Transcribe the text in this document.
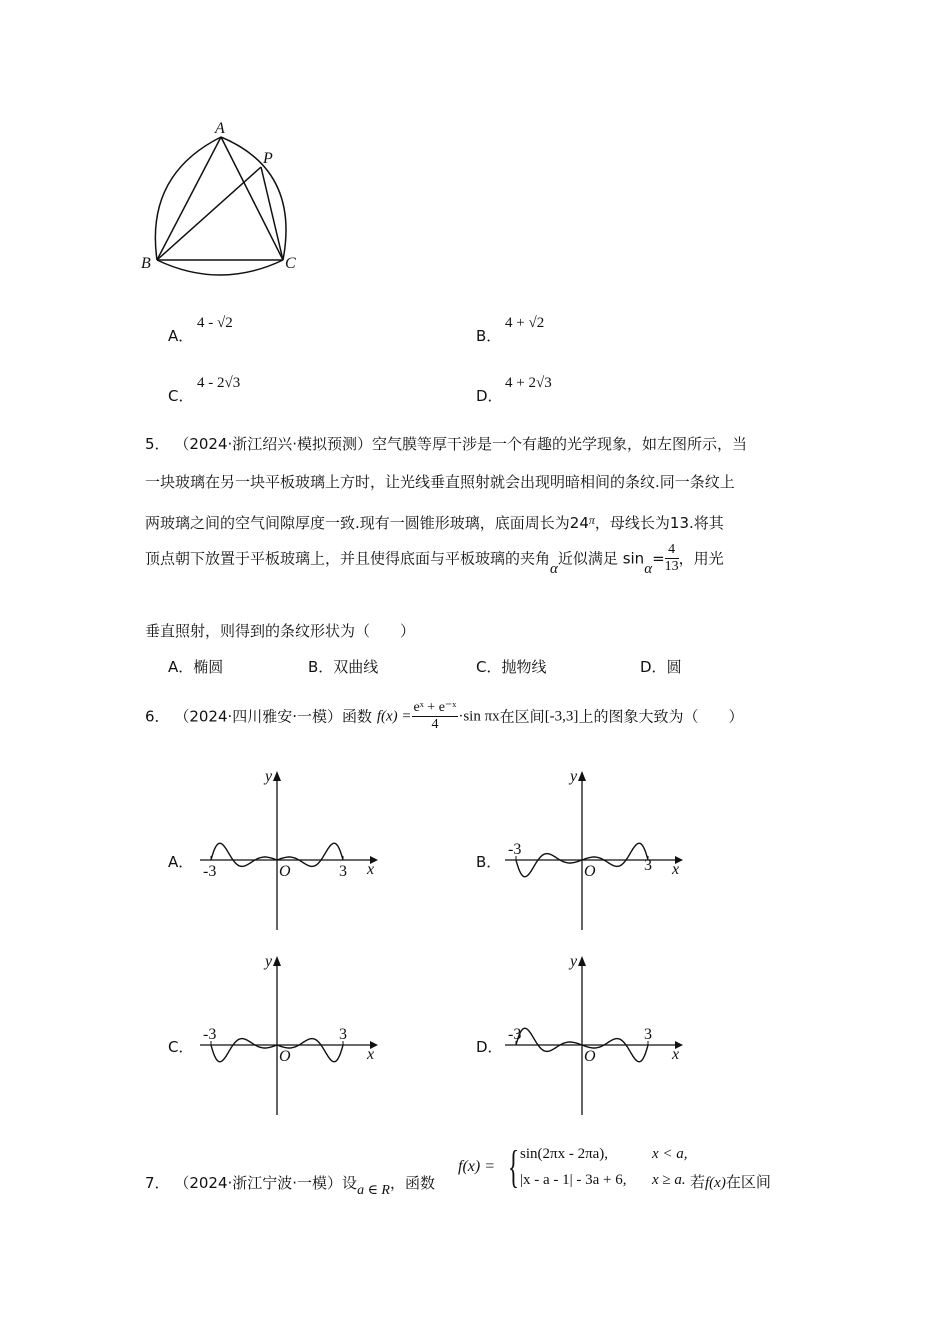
A
P
B	C
A．
4 - √2
B．
4 + √2
C．
4 - 2√3
D．
4 + 2√3
5． （2024·浙江绍兴·模拟预测）空气膜等厚干涉是一个有趣的光学现象，如左图所示，当
一块玻璃在另一块平板玻璃上方时，让光线垂直照射就会出现明暗相间的条纹.同一条纹上
两玻璃之间的空气间隙厚度一致.现有一圆锥形玻璃，底面周长为$24^\pi$，母线长为13.将其
顶点朝下放置于平板玻璃上，并且使得底面与平板玻璃的夹角α近似满足 $\sin\alpha= \frac{4}{13}$ ，用光
垂直照射，则得到的条纹形状为（　　）
A．椭圆	B．双曲线	C．抛物线	D．圆
6． （2024·四川雅安·一模）函数 $f(x) = \frac{\text{eˣ + e⁻ˣ}}{4} \cdot\sin$ πx在区间[-3,3]上的图象大致为（　　）
A．	B．
C．	D．
x
y
O
-3	3	x
y
O
-3
3
x
y
O
-3	3
x
y
O
-3	3
7． （2024·浙江宁波·一模）设a ∈ R，函数
f(x) = { sin(2πx - 2πa),	x < a,
|x - a - 1| - 3a + 6, x ≥ a. 若f(x)在区间
